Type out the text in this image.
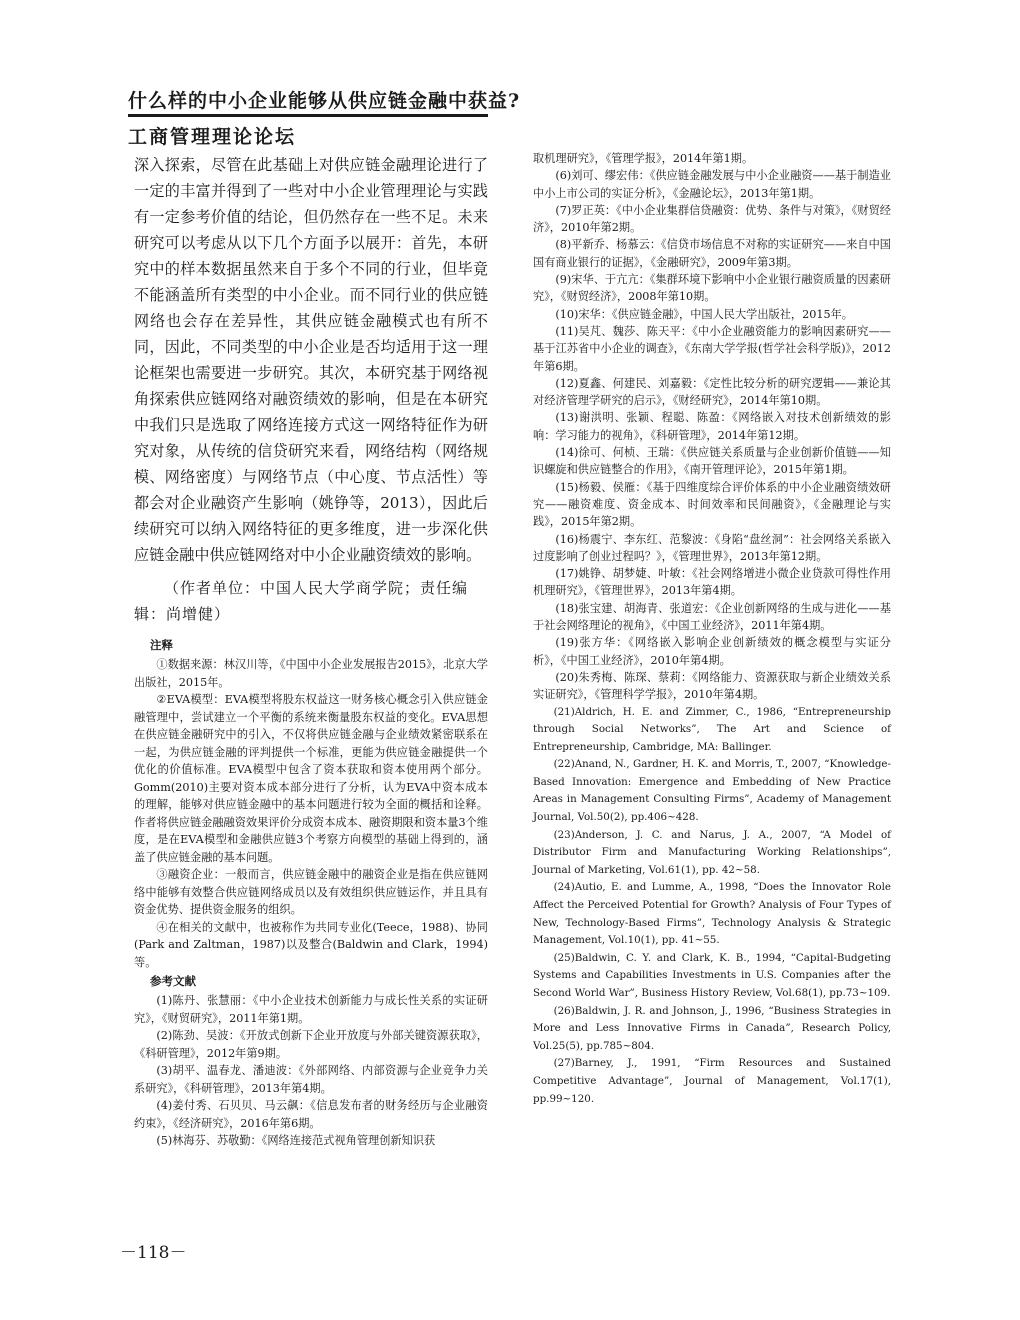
什么样的中小企业能够从供应链金融中获益?
工商管理理论论坛

深入探索，尽管在此基础上对供应链金融理论进行了一定的丰富并得到了一些对中小企业管理理论与实践有一定参考价值的结论，但仍然存在一些不足。未来研究可以考虑从以下几个方面予以展开：首先，本研究中的样本数据虽然来自于多个不同的行业，但毕竟不能涵盖所有类型的中小企业。而不同行业的供应链网络也会存在差异性，其供应链金融模式也有所不同，因此，不同类型的中小企业是否均适用于这一理论框架也需要进一步研究。其次，本研究基于网络视角探索供应链网络对融资绩效的影响，但是在本研究中我们只是选取了网络连接方式这一网络特征作为研究对象，从传统的信贷研究来看，网络结构（网络规模、网络密度）与网络节点（中心度、节点活性）等都会对企业融资产生影响（姚铮等，2013），因此后续研究可以纳入网络特征的更多维度，进一步深化供应链金融中供应链网络对中小企业融资绩效的影响。

（作者单位：中国人民大学商学院；责任编辑：尚增健）

注释

①数据来源：林汉川等，《中国中小企业发展报告2015》，北京大学出版社，2015年。

②EVA模型：EVA模型将股东权益这一财务核心概念引入供应链金融管理中，尝试建立一个平衡的系统来衡量股东权益的变化。EVA思想在供应链金融研究中的引入，不仅将供应链金融与企业绩效紧密联系在一起，为供应链金融的评判提供一个标准，更能为供应链金融提供一个优化的价值标准。EVA模型中包含了资本获取和资本使用两个部分。Gomm(2010)主要对资本成本部分进行了分析，认为EVA中资本成本的理解，能够对供应链金融中的基本问题进行较为全面的概括和诠释。作者将供应链金融融资效果评价分成资本成本、融资期限和资本量3个维度，是在EVA模型和金融供应链3个考察方向模型的基础上得到的，涵盖了供应链金融的基本问题。

③融资企业：一般而言，供应链金融中的融资企业是指在供应链网络中能够有效整合供应链网络成员以及有效组织供应链运作，并且具有资金优势、提供资金服务的组织。

④在相关的文献中，也被称作为共同专业化(Teece，1988)、协同(Park and Zaltman，1987)以及整合(Baldwin and Clark，1994)等。

参考文献

(1)陈丹、张慧丽：《中小企业技术创新能力与成长性关系的实证研究》，《财贸研究》，2011年第1期。

(2)陈劲、吴波：《开放式创新下企业开放度与外部关键资源获取》，《科研管理》，2012年第9期。

(3)胡平、温春龙、潘迪波：《外部网络、内部资源与企业竞争力关系研究》，《科研管理》，2013年第4期。

(4)姜付秀、石贝贝、马云飙：《信息发布者的财务经历与企业融资约束》，《经济研究》，2016年第6期。

(5)林海芬、苏敬勤：《网络连接范式视角管理创新知识获

取机理研究》，《管理学报》，2014年第1期。

(6)刘可、缪宏伟：《供应链金融发展与中小企业融资——基于制造业中小上市公司的实证分析》，《金融论坛》，2013年第1期。

(7)罗正英：《中小企业集群信贷融资：优势、条件与对策》，《财贸经济》，2010年第2期。

(8)平新乔、杨慕云：《信贷市场信息不对称的实证研究——来自中国国有商业银行的证据》，《金融研究》，2009年第3期。

(9)宋华、于亢亢：《集群环境下影响中小企业银行融资质量的因素研究》，《财贸经济》，2008年第10期。

(10)宋华：《供应链金融》，中国人民大学出版社，2015年。

(11)吴芃、魏莎、陈天平：《中小企业融资能力的影响因素研究——基于江苏省中小企业的调查》，《东南大学学报(哲学社会科学版)》，2012年第6期。

(12)夏鑫、何建民、刘嘉毅：《定性比较分析的研究逻辑——兼论其对经济管理学研究的启示》，《财经研究》，2014年第10期。

(13)谢洪明、张颖、程聪、陈盈：《网络嵌入对技术创新绩效的影响：学习能力的视角》，《科研管理》，2014年第12期。

(14)徐可、何桢、王瑞：《供应链关系质量与企业创新价值链——知识螺旋和供应链整合的作用》，《南开管理评论》，2015年第1期。

(15)杨毅、侯雁：《基于四维度综合评价体系的中小企业融资绩效研究——融资难度、资金成本、时间效率和民间融资》，《金融理论与实践》，2015年第2期。

(16)杨震宁、李东红、范黎波：《身陷“盘丝洞”：社会网络关系嵌入过度影响了创业过程吗？》，《管理世界》，2013年第12期。

(17)姚铮、胡梦婕、叶敏：《社会网络增进小微企业贷款可得性作用机理研究》，《管理世界》，2013年第4期。

(18)张宝建、胡海青、张道宏：《企业创新网络的生成与进化——基于社会网络理论的视角》，《中国工业经济》，2011年第4期。

(19)张方华：《网络嵌入影响企业创新绩效的概念模型与实证分析》，《中国工业经济》，2010年第4期。

(20)朱秀梅、陈琛、蔡莉：《网络能力、资源获取与新企业绩效关系实证研究》，《管理科学学报》，2010年第4期。

(21)Aldrich, H. E. and Zimmer, C., 1986, “Entrepreneurship through Social Networks”, The Art and Science of Entrepreneurship, Cambridge, MA: Ballinger.

(22)Anand, N., Gardner, H. K. and Morris, T., 2007, “Knowledge-Based Innovation: Emergence and Embedding of New Practice Areas in Management Consulting Firms”, Academy of Management Journal, Vol.50(2), pp.406~428.

(23)Anderson, J. C. and Narus, J. A., 2007, “A Model of Distributor Firm and Manufacturing Working Relationships”, Journal of Marketing, Vol.61(1), pp. 42~58.

(24)Autio, E. and Lumme, A., 1998, “Does the Innovator Role Affect the Perceived Potential for Growth? Analysis of Four Types of New, Technology-Based Firms”, Technology Analysis & Strategic Management, Vol.10(1), pp. 41~55.

(25)Baldwin, C. Y. and Clark, K. B., 1994, “Capital-Budgeting Systems and Capabilities Investments in U.S. Companies after the Second World War”, Business History Review, Vol.68(1), pp.73~109.

(26)Baldwin, J. R. and Johnson, J., 1996, “Business Strategies in More and Less Innovative Firms in Canada”, Research Policy, Vol.25(5), pp.785~804.

(27)Barney, J., 1991, “Firm Resources and Sustained Competitive Advantage”, Journal of Management, Vol.17(1), pp.99~120.

－118－
